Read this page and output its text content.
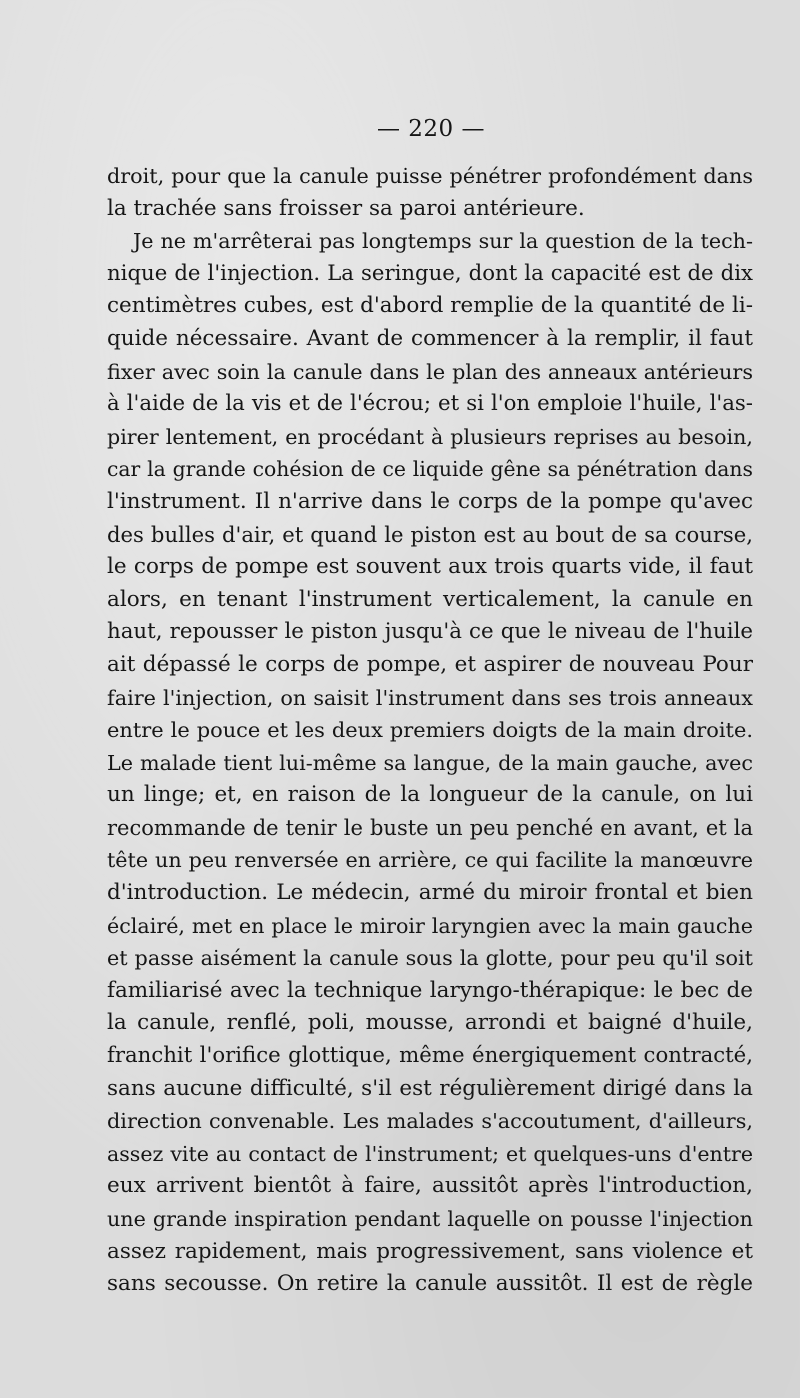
— 220 —
droit, pour que la canule puisse pénétrer profondément dans
la trachée sans froisser sa paroi antérieure.
Je ne m'arrêterai pas longtemps sur la question de la tech-
nique de l'injection. La seringue, dont la capacité est de dix
centimètres cubes, est d'abord remplie de la quantité de li-
quide nécessaire. Avant de commencer à la remplir, il faut
fixer avec soin la canule dans le plan des anneaux antérieurs
à l'aide de la vis et de l'écrou; et si l'on emploie l'huile, l'as-
pirer lentement, en procédant à plusieurs reprises au besoin,
car la grande cohésion de ce liquide gêne sa pénétration dans
l'instrument. Il n'arrive dans le corps de la pompe qu'avec
des bulles d'air, et quand le piston est au bout de sa course,
le corps de pompe est souvent aux trois quarts vide, il faut
alors, en tenant l'instrument verticalement, la canule en
haut, repousser le piston jusqu'à ce que le niveau de l'huile
ait dépassé le corps de pompe, et aspirer de nouveau Pour
faire l'injection, on saisit l'instrument dans ses trois anneaux
entre le pouce et les deux premiers doigts de la main droite.
Le malade tient lui-même sa langue, de la main gauche, avec
un linge; et, en raison de la longueur de la canule, on lui
recommande de tenir le buste un peu penché en avant, et la
tête un peu renversée en arrière, ce qui facilite la manœuvre
d'introduction. Le médecin, armé du miroir frontal et bien
éclairé, met en place le miroir laryngien avec la main gauche
et passe aisément la canule sous la glotte, pour peu qu'il soit
familiarisé avec la technique laryngo-thérapique: le bec de
la canule, renflé, poli, mousse, arrondi et baigné d'huile,
franchit l'orifice glottique, même énergiquement contracté,
sans aucune difficulté, s'il est régulièrement dirigé dans la
direction convenable. Les malades s'accoutument, d'ailleurs,
assez vite au contact de l'instrument; et quelques-uns d'entre
eux arrivent bientôt à faire, aussitôt après l'introduction,
une grande inspiration pendant laquelle on pousse l'injection
assez rapidement, mais progressivement, sans violence et
sans secousse. On retire la canule aussitôt. Il est de règle
